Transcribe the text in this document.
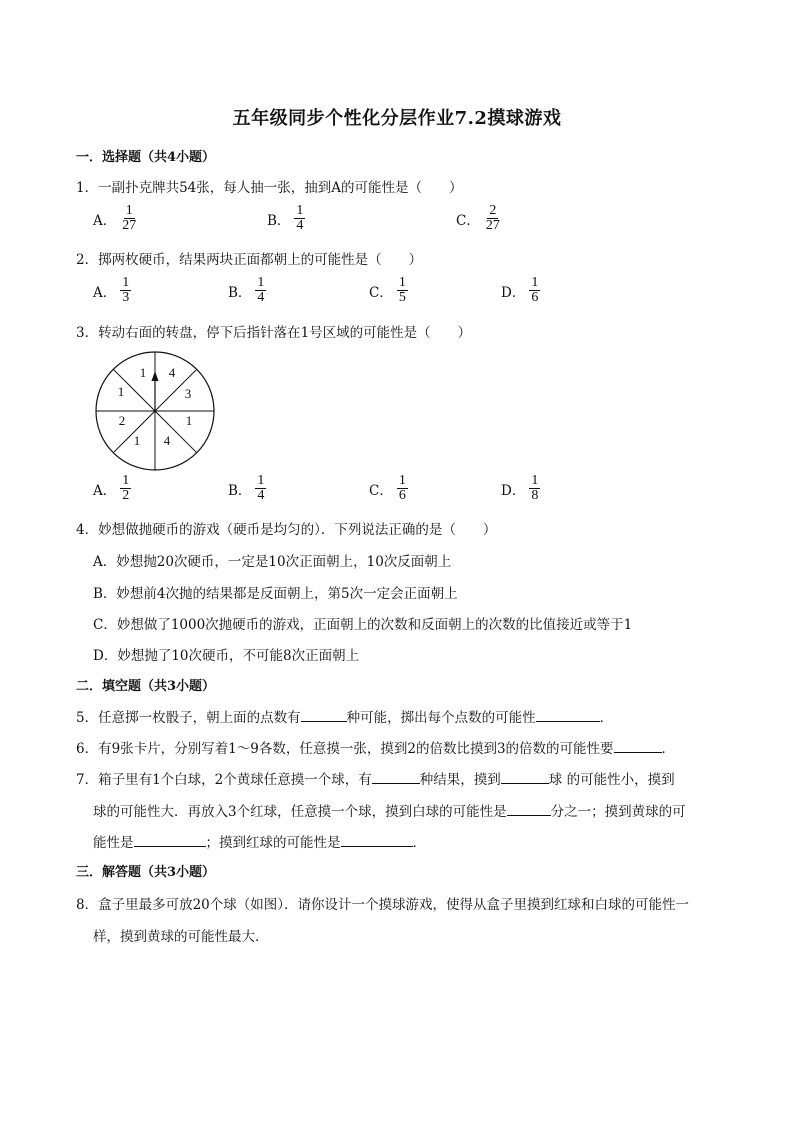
五年级同步个性化分层作业7.2摸球游戏
一．选择题（共4小题）
1．一副扑克牌共54张，每人抽一张，抽到A的可能性是（　　）
A． $\frac{1}{27}$	B． $\frac{1}{4}$	C． $\frac{2}{27}$
2．掷两枚硬币，结果两块正面都朝上的可能性是（　　）
A． $\frac{1}{3}$	B． $\frac{1}{4}$	C． $\frac{1}{5}$	D． $\frac{1}{6}$
3．转动右面的转盘，停下后指针落在1号区域的可能性是（　　）
1 4
3
1
4
1
2
1
A． $\frac{1}{2}$	B． $\frac{1}{4}$	C． $\frac{1}{6}$	D． $\frac{1}{8}$
4．妙想做抛硬币的游戏（硬币是均匀的）．下列说法正确的是（　　）
A．妙想抛20次硬币，一定是10次正面朝上，10次反面朝上
B．妙想前4次抛的结果都是反面朝上，第5次一定会正面朝上
C．妙想做了1000次抛硬币的游戏，正面朝上的次数和反面朝上的次数的比值接近或等于1
D．妙想抛了10次硬币，不可能8次正面朝上
二．填空题（共3小题）
5．任意掷一枚骰子，朝上面的点数有	种可能，掷出每个点数的可能性	．
6．有9张卡片，分别写着1～9各数，任意摸一张，摸到2的倍数比摸到3的倍数的可能性要	．
7．箱子里有1个白球，2个黄球任意摸一个球，有	种结果，摸到	球 的可能性小，摸到
球的可能性大．再放入3个红球，任意摸一个球，摸到白球的可能性是	分之一；摸到黄球的可
能性是	；摸到红球的可能性是	．
三．解答题（共3小题）
8．盒子里最多可放20个球（如图）．请你设计一个摸球游戏，使得从盒子里摸到红球和白球的可能性一
样，摸到黄球的可能性最大．
